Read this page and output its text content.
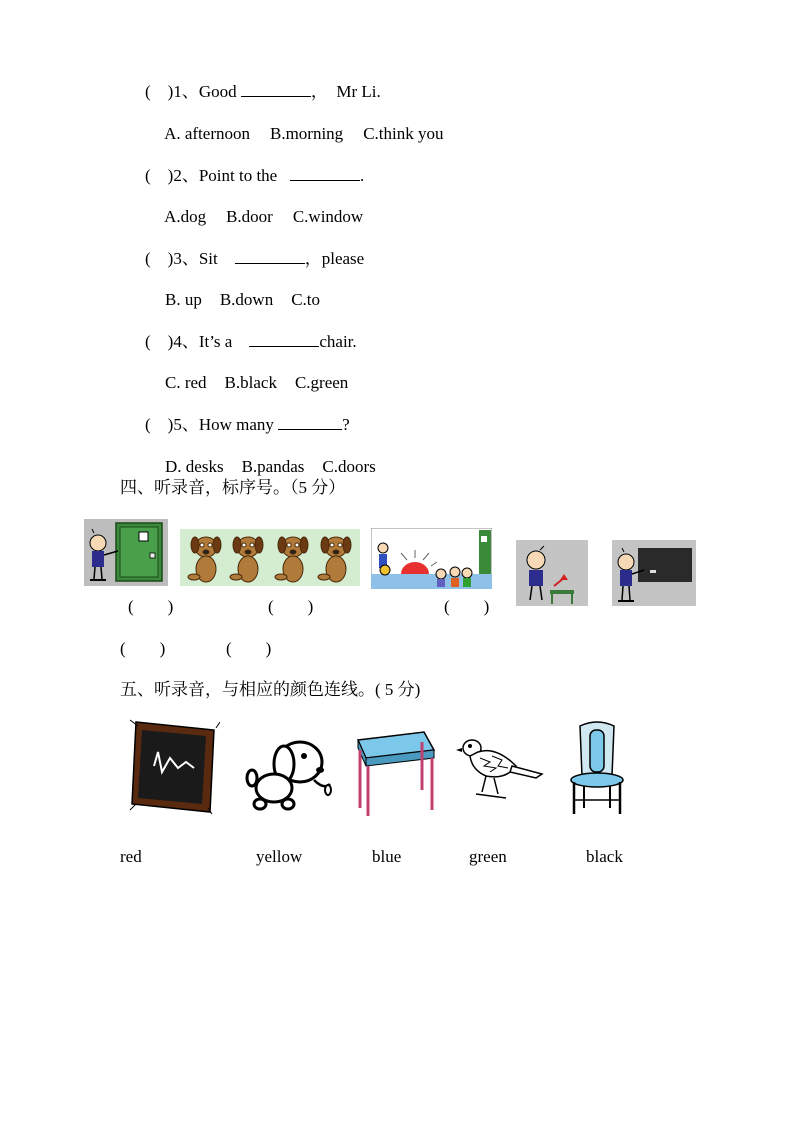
(    )1、Good	，  Mr Li.

A. afternoon B.morning C.think you

(    )2、Point to the	.

A.dog B.door C.window

(    )3、Sit	，please

B. up B.down C.to

(    )4、It’s a	chair.

C. red B.black C.green

(    )5、How many	?

D. desks B.pandas C.doors

四、听录音，标序号。（5 分）
(        )	(        )	(        )
(        )	(        )
五、听录音，与相应的颜色连线。( 5 分)
red	yellow	blue	green	black
